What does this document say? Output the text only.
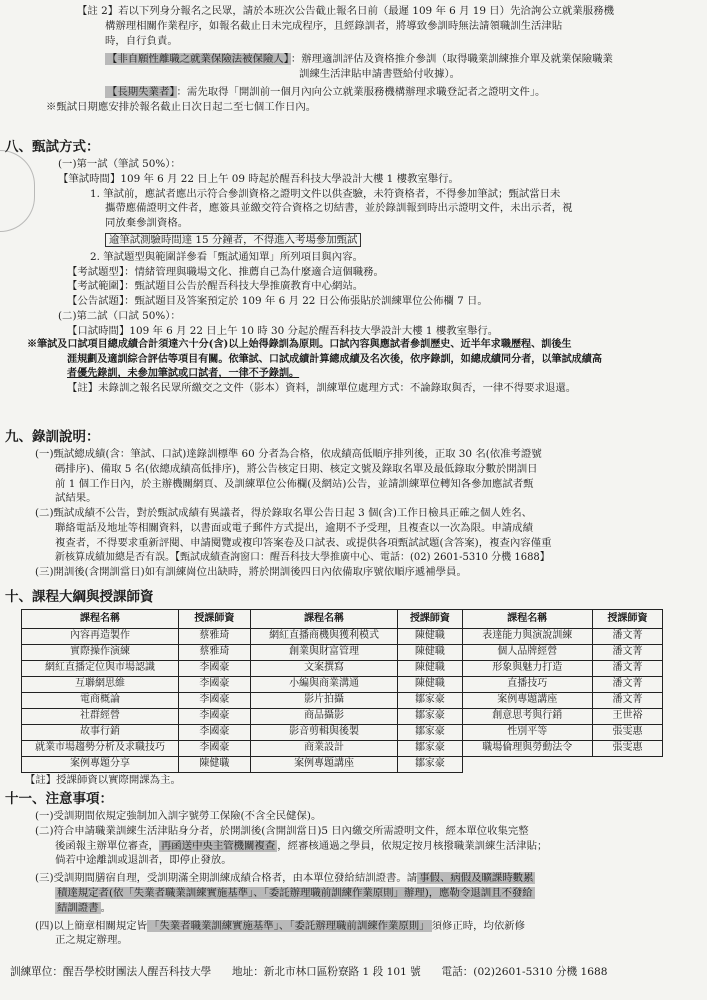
【註 2】若以下列身分報名之民眾，請於本班次公告截止報名日前（最遲 109 年 6 月 19 日）先洽詢公立就業服務機
構辦理相關作業程序，如報名截止日未完成程序，且經錄訓者，將導致參訓時無法請領職訓生活津貼
時，自行負責。
【非自願性離職之就業保險法被保險人】 ：辦理適訓評估及資格推介參訓（取得職業訓練推介單及就業保險職業
訓練生活津貼申請書暨給付收據）。
【長期失業者】 ：需先取得「開訓前一個月內向公立就業服務機構辦理求職登記者之證明文件」。
※甄試日期應安排於報名截止日次日起二至七個工作日內。
八、甄試方式：
(一)第一試（筆試 50%）：
【筆試時間】109 年 6 月 22 日上午 09 時起於醒吾科技大學設計大樓 1 樓教室舉行。
1. 筆試前，應試者應出示符合參訓資格之證明文件以供查驗，未符資格者，不得參加筆試；甄試當日未
攜帶應備證明文件者，應簽具並繳交符合資格之切結書，並於錄訓報到時出示證明文件，未出示者，視
同放棄參訓資格。
逾筆試測驗時間達 15 分鐘者，不得進入考場參加甄試
2. 筆試題型與範圍詳參看「甄試通知單」所列項目與內容。
【考試題型】：情緒管理與職場文化、推薦自己為什麼適合這個職務。
【考試範圍】：甄試題目公告於醒吾科技大學推廣教育中心網站。
【公告試題】：甄試題目及答案預定於 109 年 6 月 22 日公佈張貼於訓練單位公佈欄 7 日。
(二)第二試（口試 50%）：
【口試時間】109 年 6 月 22 日上午 10 時 30 分起於醒吾科技大學設計大樓 1 樓教室舉行。
※筆試及口試項目總成績合計須達六十分(含)以上始得錄訓為原則。口試內容與應試者參訓歷史、近半年求職歷程、訓後生
涯規劃及適訓綜合評估等項目有關。依筆試、口試成績計算總成績及名次後，依序錄訓，如總成績同分者，以筆試成績高
者優先錄訓，未參加筆試或口試者，一律不予錄訓。
【註】未錄訓之報名民眾所繳交之文件（影本）資料，訓練單位處理方式：不論錄取與否，一律不得要求退還。
九、錄訓說明：
(一)甄試總成績(含：筆試、口試)達錄訓標準 60 分者為合格，依成績高低順序排列後，正取 30 名(依准考證號
碼排序)、備取 5 名(依總成績高低排序)，將公告核定日期、核定文號及錄取名單及最低錄取分數於開訓日
前 1 個工作日內，於主辦機關網頁、及訓練單位公佈欄(及網站)公告，並請訓練單位轉知各參加應試者甄
試結果。
(二)甄試成績不公告，對於甄試成績有異議者，得於錄取名單公告日起 3 個(含)工作日檢具正確之個人姓名、
聯絡電話及地址等相關資料，以書面或電子郵件方式提出，逾期不予受理，且複查以一次為限。申請成績
複查者，不得要求重新評閱、申請閱覽或複印答案卷及口試表、或提供各項甄試試題(含答案)，複查內容僅重
新核算成績加總是否有誤。【甄試成績查詢窗口：醒吾科技大學推廣中心、電話：(02) 2601-5310 分機 1688】
(三)開訓後(含開訓當日)如有訓練崗位出缺時，將於開訓後四日內依備取序號依順序遞補學員。
十、課程大綱與授課師資
課程名稱	授課師資	課程名稱	授課師資	課程名稱	授課師資
內容再造製作	蔡雅琦	網紅直播商機與獲利模式	陳健職	表達能力與演說訓練	潘文菁
實際操作演練	蔡雅琦	創業與財富管理	陳健職	個人品牌經營	潘文菁
網紅直播定位與市場認識	李國豪	文案撰寫	陳健職	形象與魅力打造	潘文菁
互聯網思維	李國豪	小編與商業溝通	陳健職	直播技巧	潘文菁
電商概論	李國豪	影片拍攝	鄒家豪	案例專題講座	潘文菁
社群經營	李國豪	商品攝影	鄒家豪	創意思考與行銷	王世裕
故事行銷	李國豪	影音剪輯與後製	鄒家豪	性別平等	張雯惠
就業市場趨勢分析及求職技巧	李國豪	商業設計	鄒家豪	職場倫理與勞動法令	張雯惠
案例專題分享	陳健職	案例專題講座	鄒家豪		
【註】授課師資以實際開課為主。
十一、注意事項：
(一)受訓期間依規定強制加入訓字號勞工保險(不含全民健保)。
(二)符合申請職業訓練生活津貼身分者，於開訓後(含開訓當日)5 日內繳交所需證明文件，經本單位收集完整
後函報主辦單位審查， 再函送中央主管機關複查 ，經審核通過之學員，依規定按月核撥職業訓練生活津貼；
倘若中途離訓或退訓者，即停止發放。
(三)受訓期間膳宿自理，受訓期滿全期訓練成績合格者，由本單位發給結訓證書。請 事假、病假及曠課時數累
積達規定者(依「失業者職業訓練實施基準」、「委託辦理職前訓練作業原則」辦理)，應勒令退訓且不發給
結訓證書 。
(四)以上簡章相關規定皆 「失業者職業訓練實施基準」、「委託辦理職前訓練作業原則」 須修正時，均依新修
正之規定辦理。
訓練單位：醒吾學校財團法人醒吾科技大學 地址：新北市林口區粉寮路 1 段 101 號 電話：(02)2601-5310 分機 1688
